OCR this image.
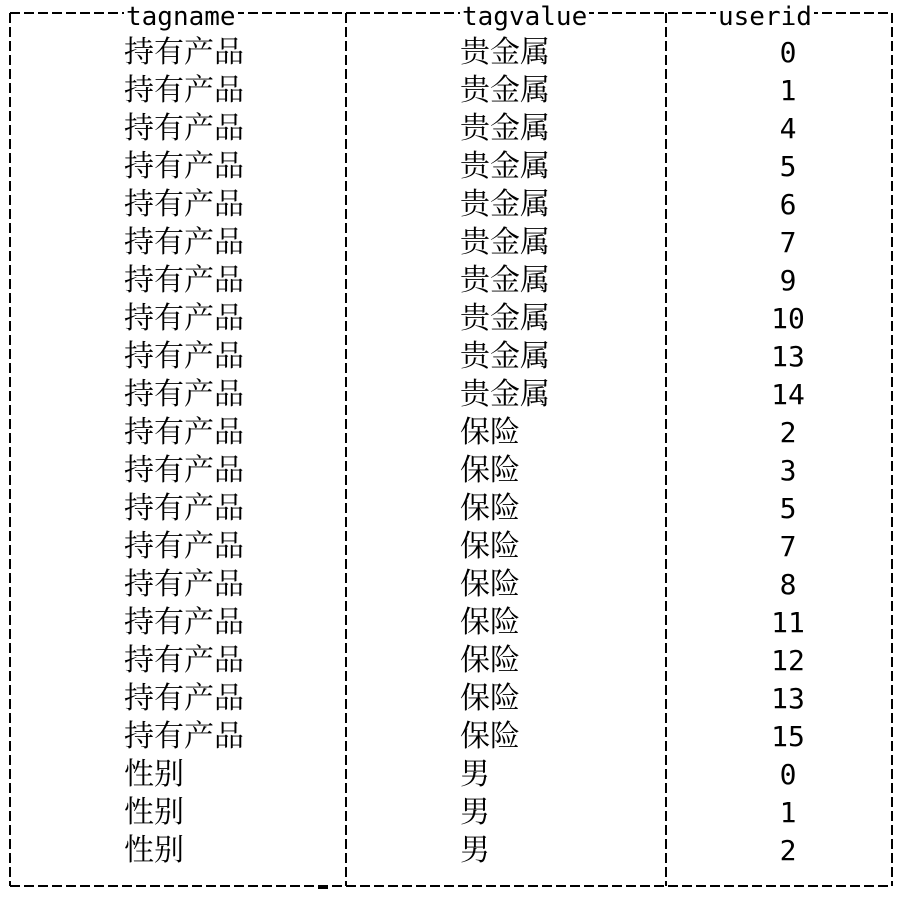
tagname	tagvalue	userid
持有产品	贵金属	0
持有产品	贵金属	1
持有产品	贵金属	4
持有产品	贵金属	5
持有产品	贵金属	6
持有产品	贵金属	7
持有产品	贵金属	9
持有产品	贵金属	10
持有产品	贵金属	13
持有产品	贵金属	14
持有产品	保险	2
持有产品	保险	3
持有产品	保险	5
持有产品	保险	7
持有产品	保险	8
持有产品	保险	11
持有产品	保险	12
持有产品	保险	13
持有产品	保险	15
性别	男	0
性别	男	1
性别	男	2
